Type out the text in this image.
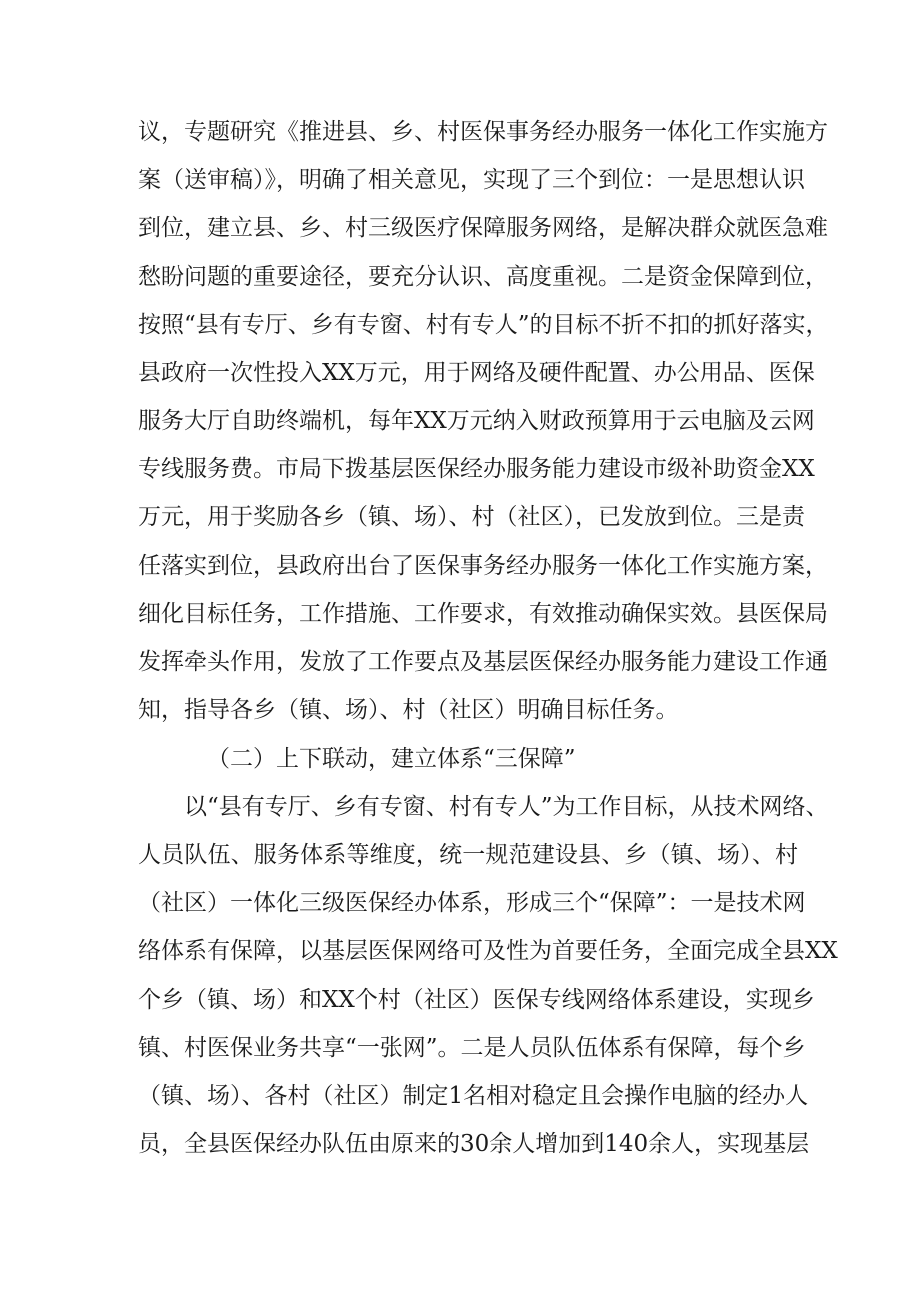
议，专题研究《推进县、乡、村医保事务经办服务一体化工作实施方
案（送审稿）》，明确了相关意见，实现了三个到位：一是思想认识
到位，建立县、乡、村三级医疗保障服务网络，是解决群众就医急难
愁盼问题的重要途径，要充分认识、高度重视。二是资金保障到位，
按照“县有专厅、乡有专窗、村有专人”的目标不折不扣的抓好落实，
县政府一次性投入XX万元，用于网络及硬件配置、办公用品、医保
服务大厅自助终端机，每年XX万元纳入财政预算用于云电脑及云网
专线服务费。市局下拨基层医保经办服务能力建设市级补助资金XX
万元，用于奖励各乡（镇、场）、村（社区），已发放到位。三是责
任落实到位，县政府出台了医保事务经办服务一体化工作实施方案，
细化目标任务，工作措施、工作要求，有效推动确保实效。县医保局
发挥牵头作用，发放了工作要点及基层医保经办服务能力建设工作通
知，指导各乡（镇、场）、村（社区）明确目标任务。
（二）上下联动，建立体系“三保障”
以“县有专厅、乡有专窗、村有专人”为工作目标，从技术网络、
人员队伍、服务体系等维度，统一规范建设县、乡（镇、场）、村
（社区）一体化三级医保经办体系，形成三个“保障”：一是技术网
络体系有保障，以基层医保网络可及性为首要任务，全面完成全县XX
个乡（镇、场）和XX个村（社区）医保专线网络体系建设，实现乡
镇、村医保业务共享“一张网”。二是人员队伍体系有保障，每个乡
（镇、场）、各村（社区）制定1名相对稳定且会操作电脑的经办人
员，全县医保经办队伍由原来的30余人增加到140余人，实现基层
